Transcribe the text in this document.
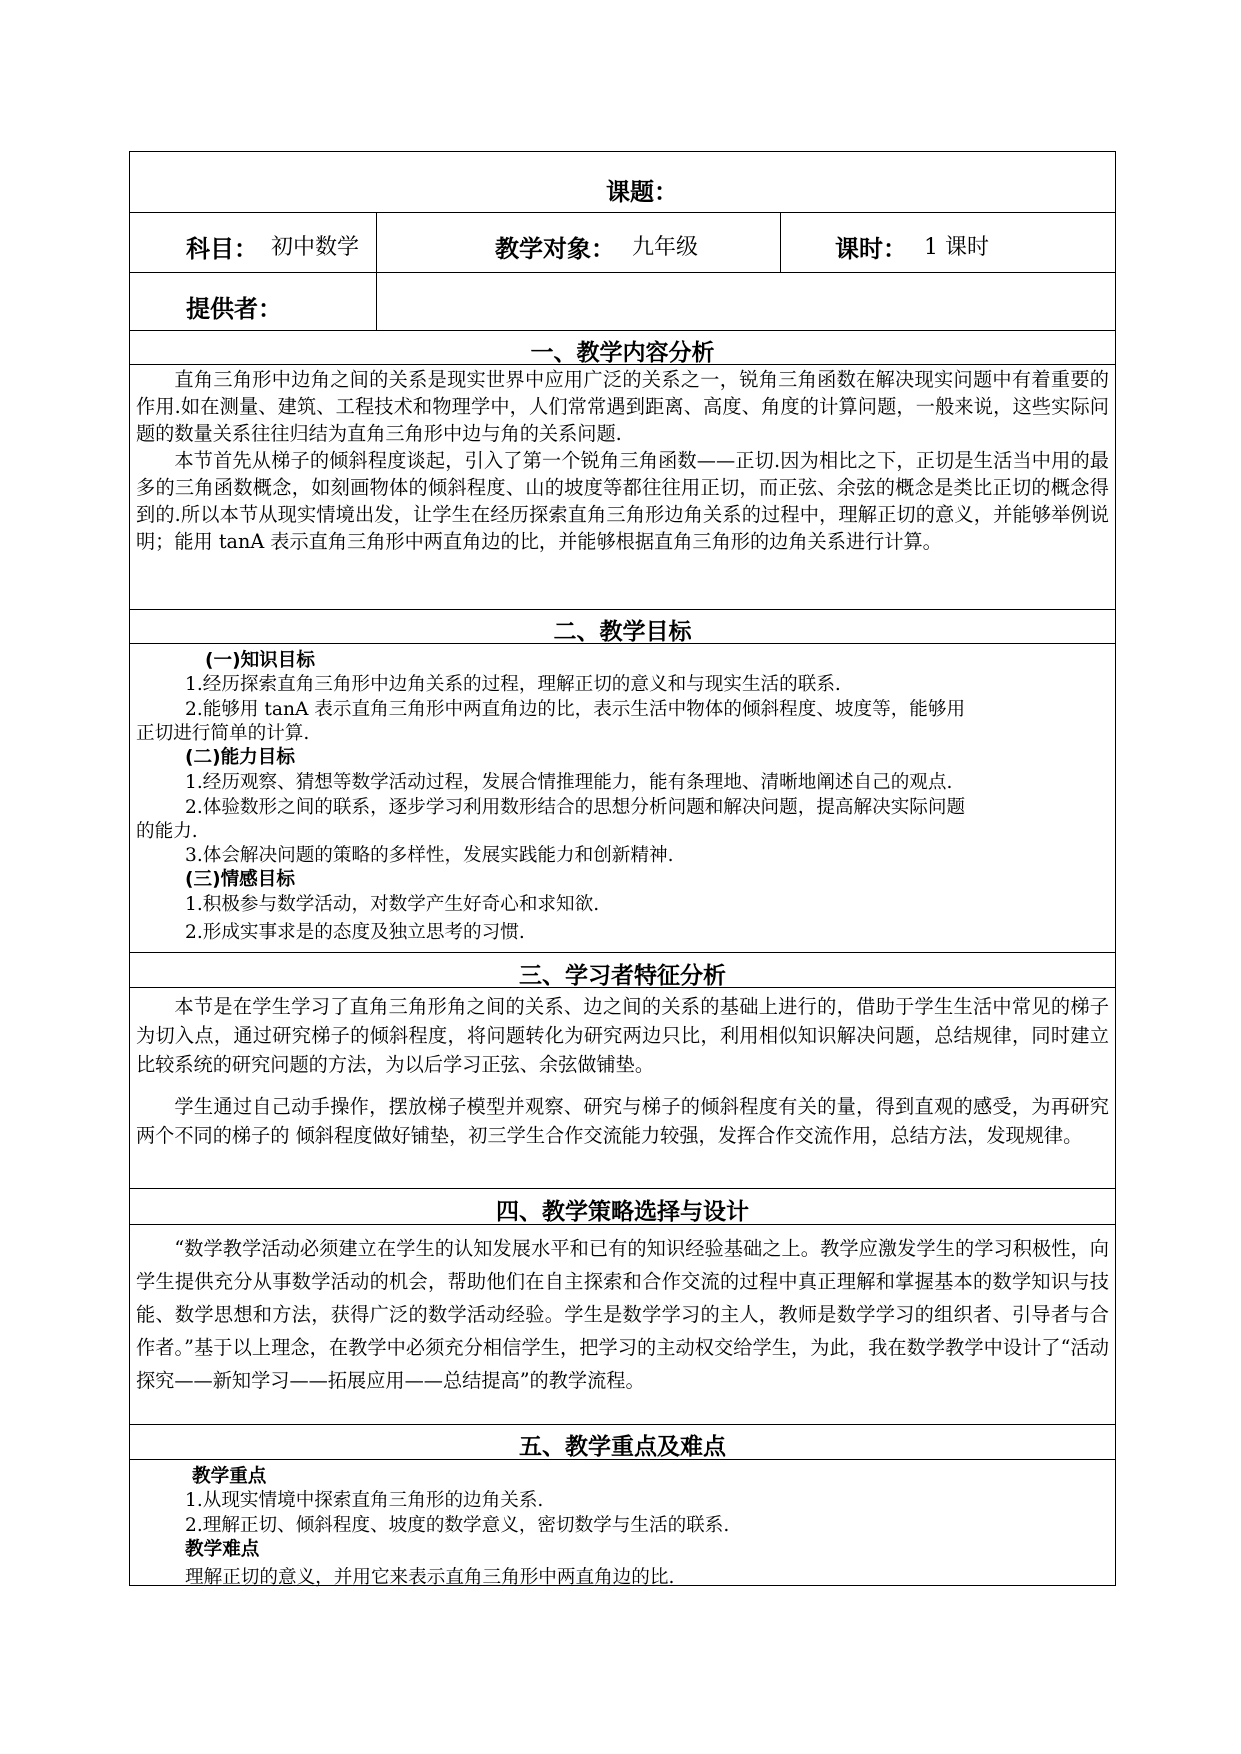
课题：
科目： 初中数学	教学对象： 九年级	课时： 1 课时
提供者：
一、教学内容分析

直角三角形中边角之间的关系是现实世界中应用广泛的关系之一，锐角三角函数在解决现实问题中有着重要的作用.如在测量、建筑、工程技术和物理学中，人们常常遇到距离、高度、角度的计算问题，一般来说，这些实际问题的数量关系往往归结为直角三角形中边与角的关系问题.

本节首先从梯子的倾斜程度谈起，引入了第一个锐角三角函数——正切.因为相比之下，正切是生活当中用的最多的三角函数概念，如刻画物体的倾斜程度、山的坡度等都往往用正切，而正弦、余弦的概念是类比正切的概念得到的.所以本节从现实情境出发，让学生在经历探索直角三角形边角关系的过程中，理解正切的意义，并能够举例说明；能用 tanA 表示直角三角形中两直角边的比，并能够根据直角三角形的边角关系进行计算。

二、教学目标
(一)知识目标
1.经历探索直角三角形中边角关系的过程，理解正切的意义和与现实生活的联系.
2.能够用 tanA 表示直角三角形中两直角边的比，表示生活中物体的倾斜程度、坡度等，能够用
正切进行简单的计算.
(二)能力目标
1.经历观察、猜想等数学活动过程，发展合情推理能力，能有条理地、清晰地阐述自己的观点.
2.体验数形之间的联系，逐步学习利用数形结合的思想分析问题和解决问题，提高解决实际问题
的能力.
3.体会解决问题的策略的多样性，发展实践能力和创新精神.
(三)情感目标
1.积极参与数学活动，对数学产生好奇心和求知欲.
2.形成实事求是的态度及独立思考的习惯.
三、学习者特征分析

本节是在学生学习了直角三角形角之间的关系、边之间的关系的基础上进行的，借助于学生生活中常见的梯子为切入点，通过研究梯子的倾斜程度，将问题转化为研究两边只比，利用相似知识解决问题，总结规律，同时建立比较系统的研究问题的方法，为以后学习正弦、余弦做铺垫。

学生通过自己动手操作，摆放梯子模型并观察、研究与梯子的倾斜程度有关的量，得到直观的感受，为再研究两个不同的梯子的 倾斜程度做好铺垫，初三学生合作交流能力较强，发挥合作交流作用，总结方法，发现规律。

四、教学策略选择与设计

“数学教学活动必须建立在学生的认知发展水平和已有的知识经验基础之上。教学应激发学生的学习积极性，向学生提供充分从事数学活动的机会，帮助他们在自主探索和合作交流的过程中真正理解和掌握基本的数学知识与技能、数学思想和方法，获得广泛的数学活动经验。学生是数学学习的主人，教师是数学学习的组织者、引导者与合作者。”基于以上理念，在教学中必须充分相信学生，把学习的主动权交给学生，为此，我在数学教学中设计了“活动探究——新知学习——拓展应用——总结提高”的教学流程。

五、教学重点及难点
教学重点
1.从现实情境中探索直角三角形的边角关系.
2.理解正切、倾斜程度、坡度的数学意义，密切数学与生活的联系.
教学难点
理解正切的意义，并用它来表示直角三角形中两直角边的比.
